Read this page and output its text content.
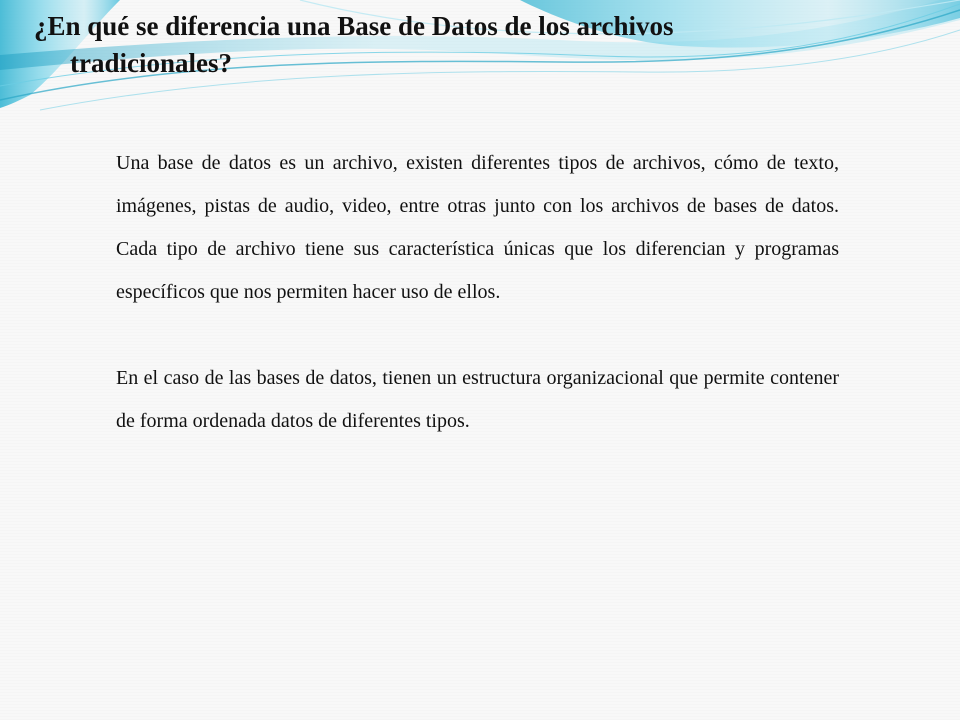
¿En qué se diferencia una Base de Datos de los archivos
tradicionales?

Una base de datos es un archivo, existen diferentes tipos de archivos, cómo de texto, imágenes, pistas de audio, video, entre otras junto con los archivos de bases de datos. Cada tipo de archivo tiene sus característica únicas que los diferencian y programas específicos que nos permiten hacer uso de ellos.

En el caso de las bases de datos, tienen un estructura organizacional que permite contener de forma ordenada datos de diferentes tipos.
